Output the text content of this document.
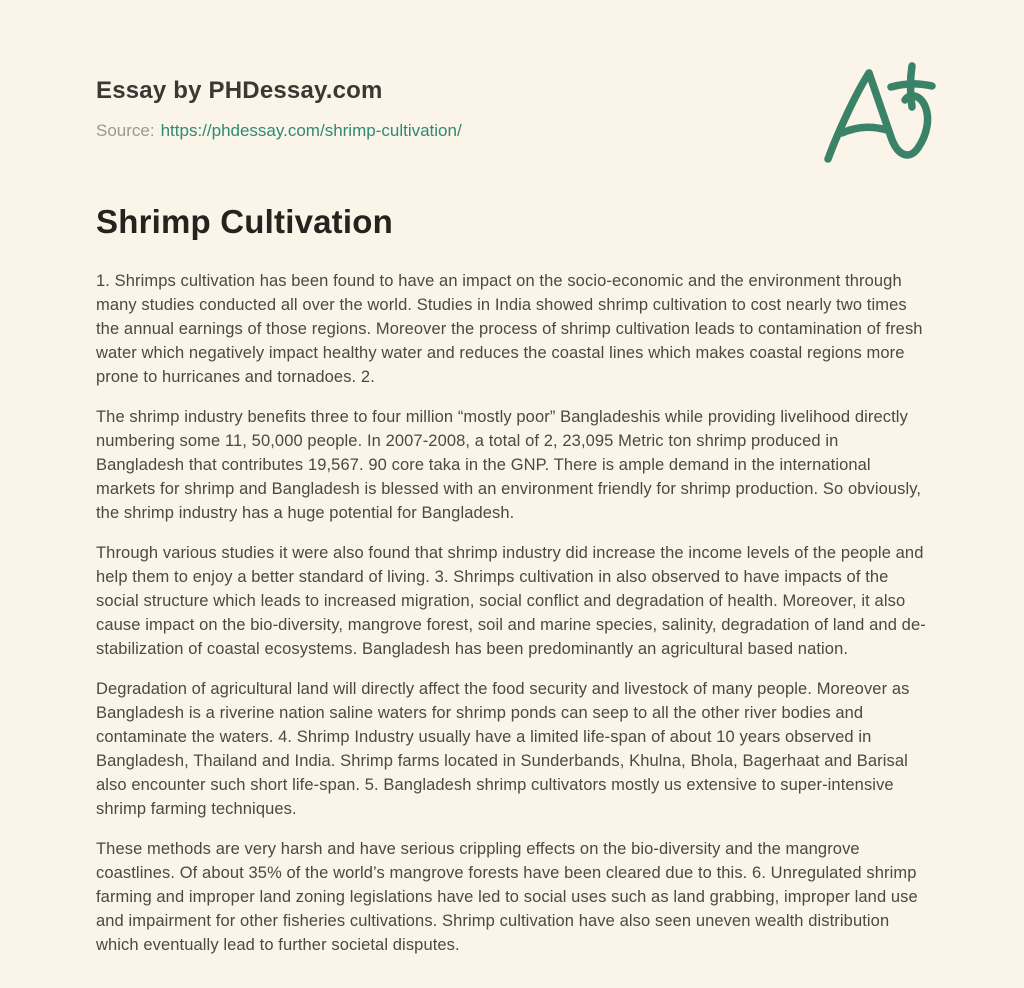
Essay by PHDessay.com
Source: https://phdessay.com/shrimp-cultivation/
Shrimp Cultivation

1. Shrimps cultivation has been found to have an impact on the socio-economic and the environment through many studies conducted all over the world. Studies in India showed shrimp cultivation to cost nearly two times the annual earnings of those regions. Moreover the process of shrimp cultivation leads to contamination of fresh water which negatively impact healthy water and reduces the coastal lines which makes coastal regions more prone to hurricanes and tornadoes. 2.

The shrimp industry benefits three to four million “mostly poor” Bangladeshis while providing livelihood directly numbering some 11, 50,000 people. In 2007-2008, a total of 2, 23,095 Metric ton shrimp produced in Bangladesh that contributes 19,567. 90 core taka in the GNP. There is ample demand in the international markets for shrimp and Bangladesh is blessed with an environment friendly for shrimp production. So obviously, the shrimp industry has a huge potential for Bangladesh.

Through various studies it were also found that shrimp industry did increase the income levels of the people and help them to enjoy a better standard of living. 3. Shrimps cultivation in also observed to have impacts of the social structure which leads to increased migration, social conflict and degradation of health. Moreover, it also cause impact on the bio-diversity, mangrove forest, soil and marine species, salinity, degradation of land and de-stabilization of coastal ecosystems. Bangladesh has been predominantly an agricultural based nation.

Degradation of agricultural land will directly affect the food security and livestock of many people. Moreover as Bangladesh is a riverine nation saline waters for shrimp ponds can seep to all the other river bodies and contaminate the waters. 4. Shrimp Industry usually have a limited life-span of about 10 years observed in Bangladesh, Thailand and India. Shrimp farms located in Sunderbands, Khulna, Bhola, Bagerhaat and Barisal also encounter such short life-span. 5. Bangladesh shrimp cultivators mostly us extensive to super-intensive shrimp farming techniques.

These methods are very harsh and have serious crippling effects on the bio-diversity and the mangrove coastlines. Of about 35% of the world’s mangrove forests have been cleared due to this. 6. Unregulated shrimp farming and improper land zoning legislations have led to social uses such as land grabbing, improper land use and impairment for other fisheries cultivations. Shrimp cultivation have also seen uneven wealth distribution which eventually lead to further societal disputes.
